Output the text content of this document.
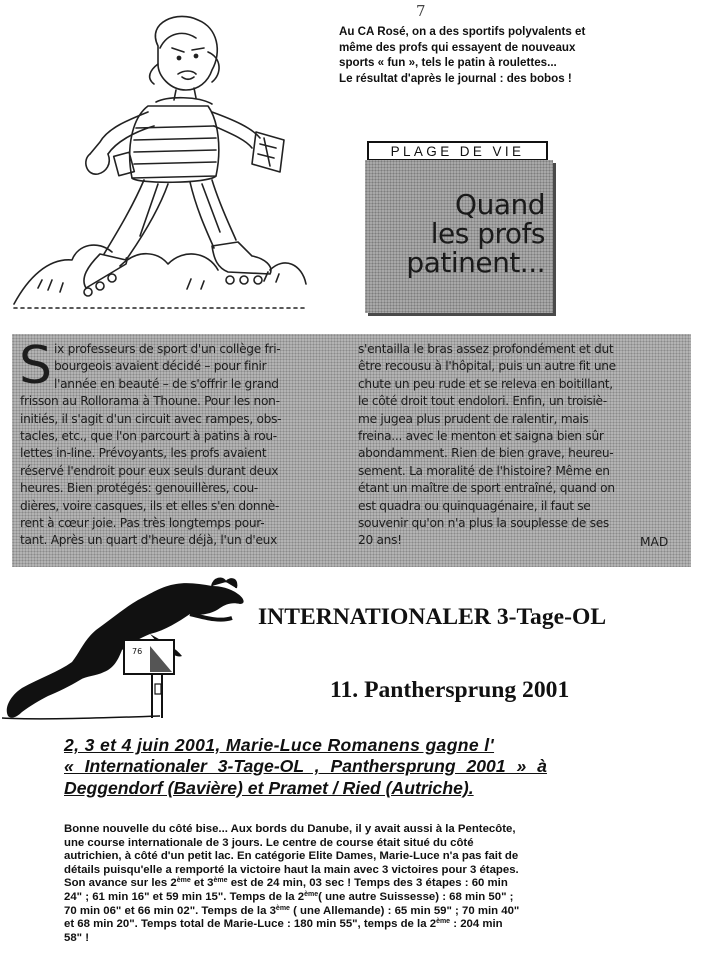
7
Au CA Rosé, on a des sportifs polyvalents et
même des profs qui essayent de nouveaux
sports « fun », tels le patin à roulettes...
Le résultat d'après le journal : des bobos !
PLAGE DE VIE
Quand
les profs
patinent...
S ix professeurs de sport d'un collège fri-
bourgeois avaient décidé – pour finir
l'année en beauté – de s'offrir le grand
frisson au Rollorama à Thoune. Pour les non-
initiés, il s'agit d'un circuit avec rampes, obs-
tacles, etc., que l'on parcourt à patins à rou-
lettes in-line. Prévoyants, les profs avaient
réservé l'endroit pour eux seuls durant deux
heures. Bien protégés: genouillères, cou-
dières, voire casques, ils et elles s'en donnè-
rent à cœur joie. Pas très longtemps pour-
tant. Après un quart d'heure déjà, l'un d'eux
s'entailla le bras assez profondément et dut
être recousu à l'hôpital, puis un autre fit une
chute un peu rude et se releva en boitillant,
le côté droit tout endolori. Enfin, un troisiè-
me jugea plus prudent de ralentir, mais
freina... avec le menton et saigna bien sûr
abondamment. Rien de bien grave, heureu-
sement. La moralité de l'histoire? Même en
étant un maître de sport entraîné, quand on
est quadra ou quinquagénaire, il faut se
souvenir qu'on n'a plus la souplesse de ses
20 ans!	MAD
76
INTERNATIONALER 3-Tage-OL
11. Panthersprung 2001
2, 3 et 4 juin 2001, Marie-Luce Romanens gagne l'
« Internationaler 3-Tage-OL , Panthersprung 2001 » à
Deggendorf (Bavière) et Pramet / Ried (Autriche).
Bonne nouvelle du côté bise... Aux bords du Danube, il y avait aussi à la Pentecôte,
une course internationale de 3 jours. Le centre de course était situé du côté
autrichien, à côté d'un petit lac. En catégorie Elite Dames, Marie-Luce n'a pas fait de
détails puisqu'elle a remporté la victoire haut la main avec 3 victoires pour 3 étapes.
Son avance sur les 2ème et 3ème est de 24 min, 03 sec ! Temps des 3 étapes : 60 min
24" ; 61 min 16" et 59 min 15". Temps de la 2ème( une autre Suissesse) : 68 min 50" ;
70 min 06" et 66 min 02". Temps de la 3ème ( une Allemande) : 65 min 59" ; 70 min 40"
et 68 min 20". Temps total de Marie-Luce : 180 min 55", temps de la 2ème : 204 min
58" !
